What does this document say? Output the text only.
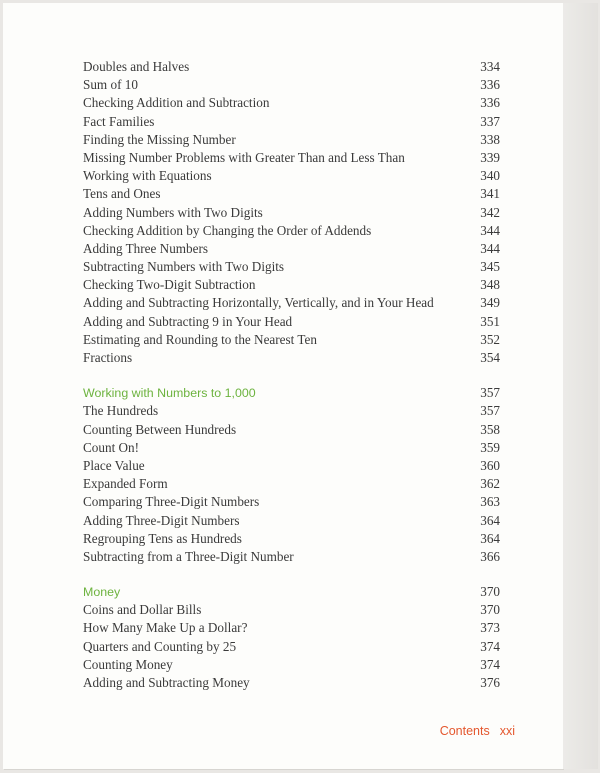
Doubles and Halves	334
Sum of 10	336
Checking Addition and Subtraction	336
Fact Families	337
Finding the Missing Number	338
Missing Number Problems with Greater Than and Less Than	339
Working with Equations	340
Tens and Ones	341
Adding Numbers with Two Digits	342
Checking Addition by Changing the Order of Addends	344
Adding Three Numbers	344
Subtracting Numbers with Two Digits	345
Checking Two-Digit Subtraction	348
Adding and Subtracting Horizontally, Vertically, and in Your Head	349
Adding and Subtracting 9 in Your Head	351
Estimating and Rounding to the Nearest Ten	352
Fractions	354
Working with Numbers to 1,000	357
The Hundreds	357
Counting Between Hundreds	358
Count On!	359
Place Value	360
Expanded Form	362
Comparing Three-Digit Numbers	363
Adding Three-Digit Numbers	364
Regrouping Tens as Hundreds	364
Subtracting from a Three-Digit Number	366
Money	370
Coins and Dollar Bills	370
How Many Make Up a Dollar?	373
Quarters and Counting by 25	374
Counting Money	374
Adding and Subtracting Money	376
Contents xxi
